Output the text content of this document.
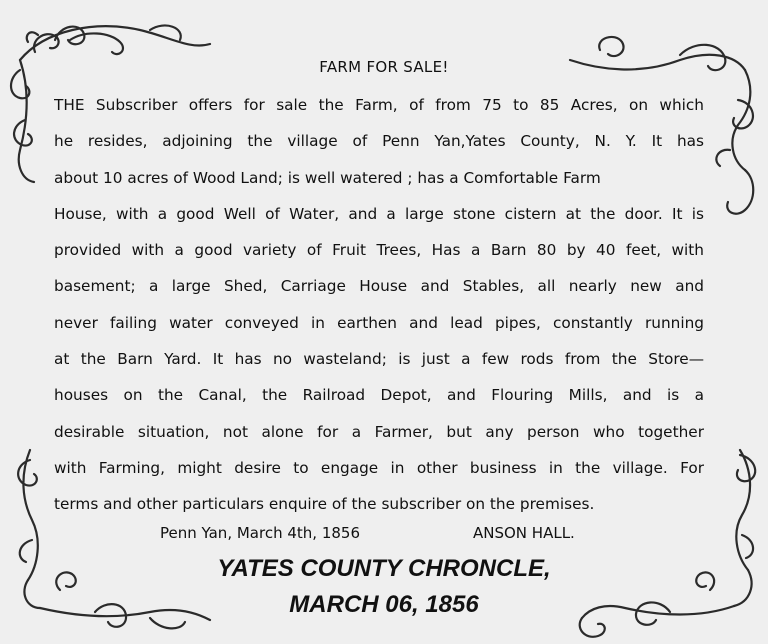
FARM FOR SALE!
THE Subscriber offers for sale the Farm, of from 75 to 85 Acres, on which
he resides, adjoining the village of Penn Yan,Yates County, N. Y. It has
about 10 acres of Wood Land; is well watered ; has a Comfortable Farm
House, with a good Well of Water, and a large stone cistern at the door. It is
provided with a good variety of Fruit Trees, Has a Barn 80 by 40 feet, with
basement; a large Shed, Carriage House and Stables, all nearly new and
never failing water conveyed in earthen and lead pipes, constantly running
at the Barn Yard. It has no wasteland; is just a few rods from the Store—
houses on the Canal, the Railroad Depot, and Flouring Mills, and is a
desirable situation, not alone for a Farmer, but any person who together
with Farming, might desire to engage in other business in the village. For
terms and other particulars enquire of the subscriber on the premises.
Penn Yan, March 4th, 1856	ANSON HALL.
YATES COUNTY CHRONCLE,
MARCH 06, 1856
